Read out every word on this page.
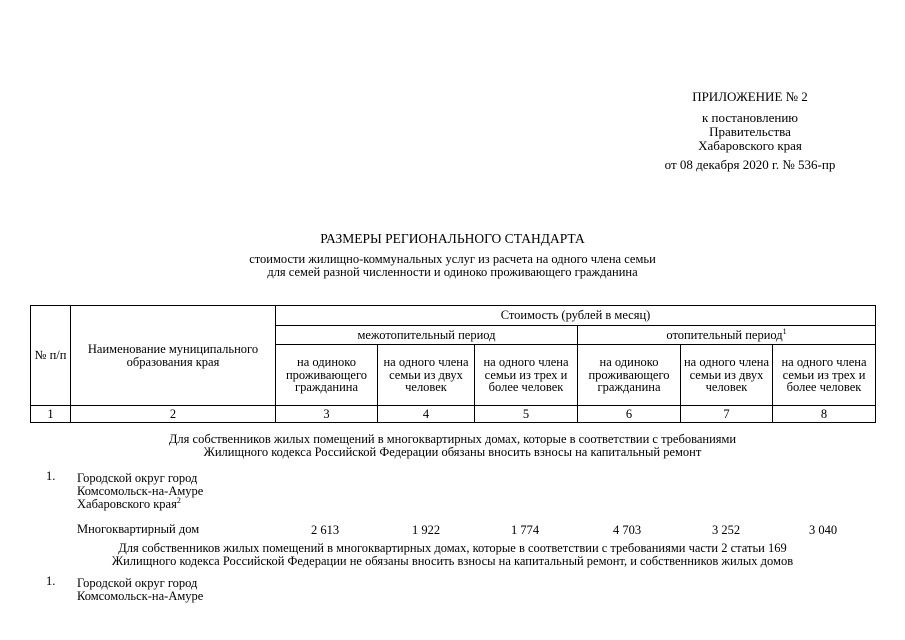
ПРИЛОЖЕНИЕ № 2
к постановлению
Правительства
Хабаровского края
от 08 декабря 2020 г. № 536-пр
РАЗМЕРЫ РЕГИОНАЛЬНОГО СТАНДАРТА
стоимости жилищно-коммунальных услуг из расчета на одного члена семьи
для семей разной численности и одиноко проживающего гражданина
№ п/п	Наименование муниципального образования края	Стоимость (рублей в месяц)					
		межотопительный период			отопительный период$^1$
		на одиноко проживающего гражданина	на одного члена семьи из двух человек	на одного члена семьи из трех и более человек	на одиноко проживающего гражданина	на одного члена семьи из двух человек	на одного члена семьи из трех и более человек
1	2	3	4	5	6	7	8
Для собственников жилых помещений в многоквартирных домах, которые в соответствии с требованиями
Жилищного кодекса Российской Федерации обязаны вносить взносы на капитальный ремонт
1. Городской округ город
Комсомольск-на-Амуре
Хабаровского края$^2$
Многоквартирный дом	2 613	1 922	1 774	4 703	3 252	3 040
Для собственников жилых помещений в многоквартирных домах, которые в соответствии с требованиями части 2 статьи 169
Жилищного кодекса Российской Федерации не обязаны вносить взносы на капитальный ремонт, и собственников жилых домов
1. Городской округ город
Комсомольск-на-Амуре
